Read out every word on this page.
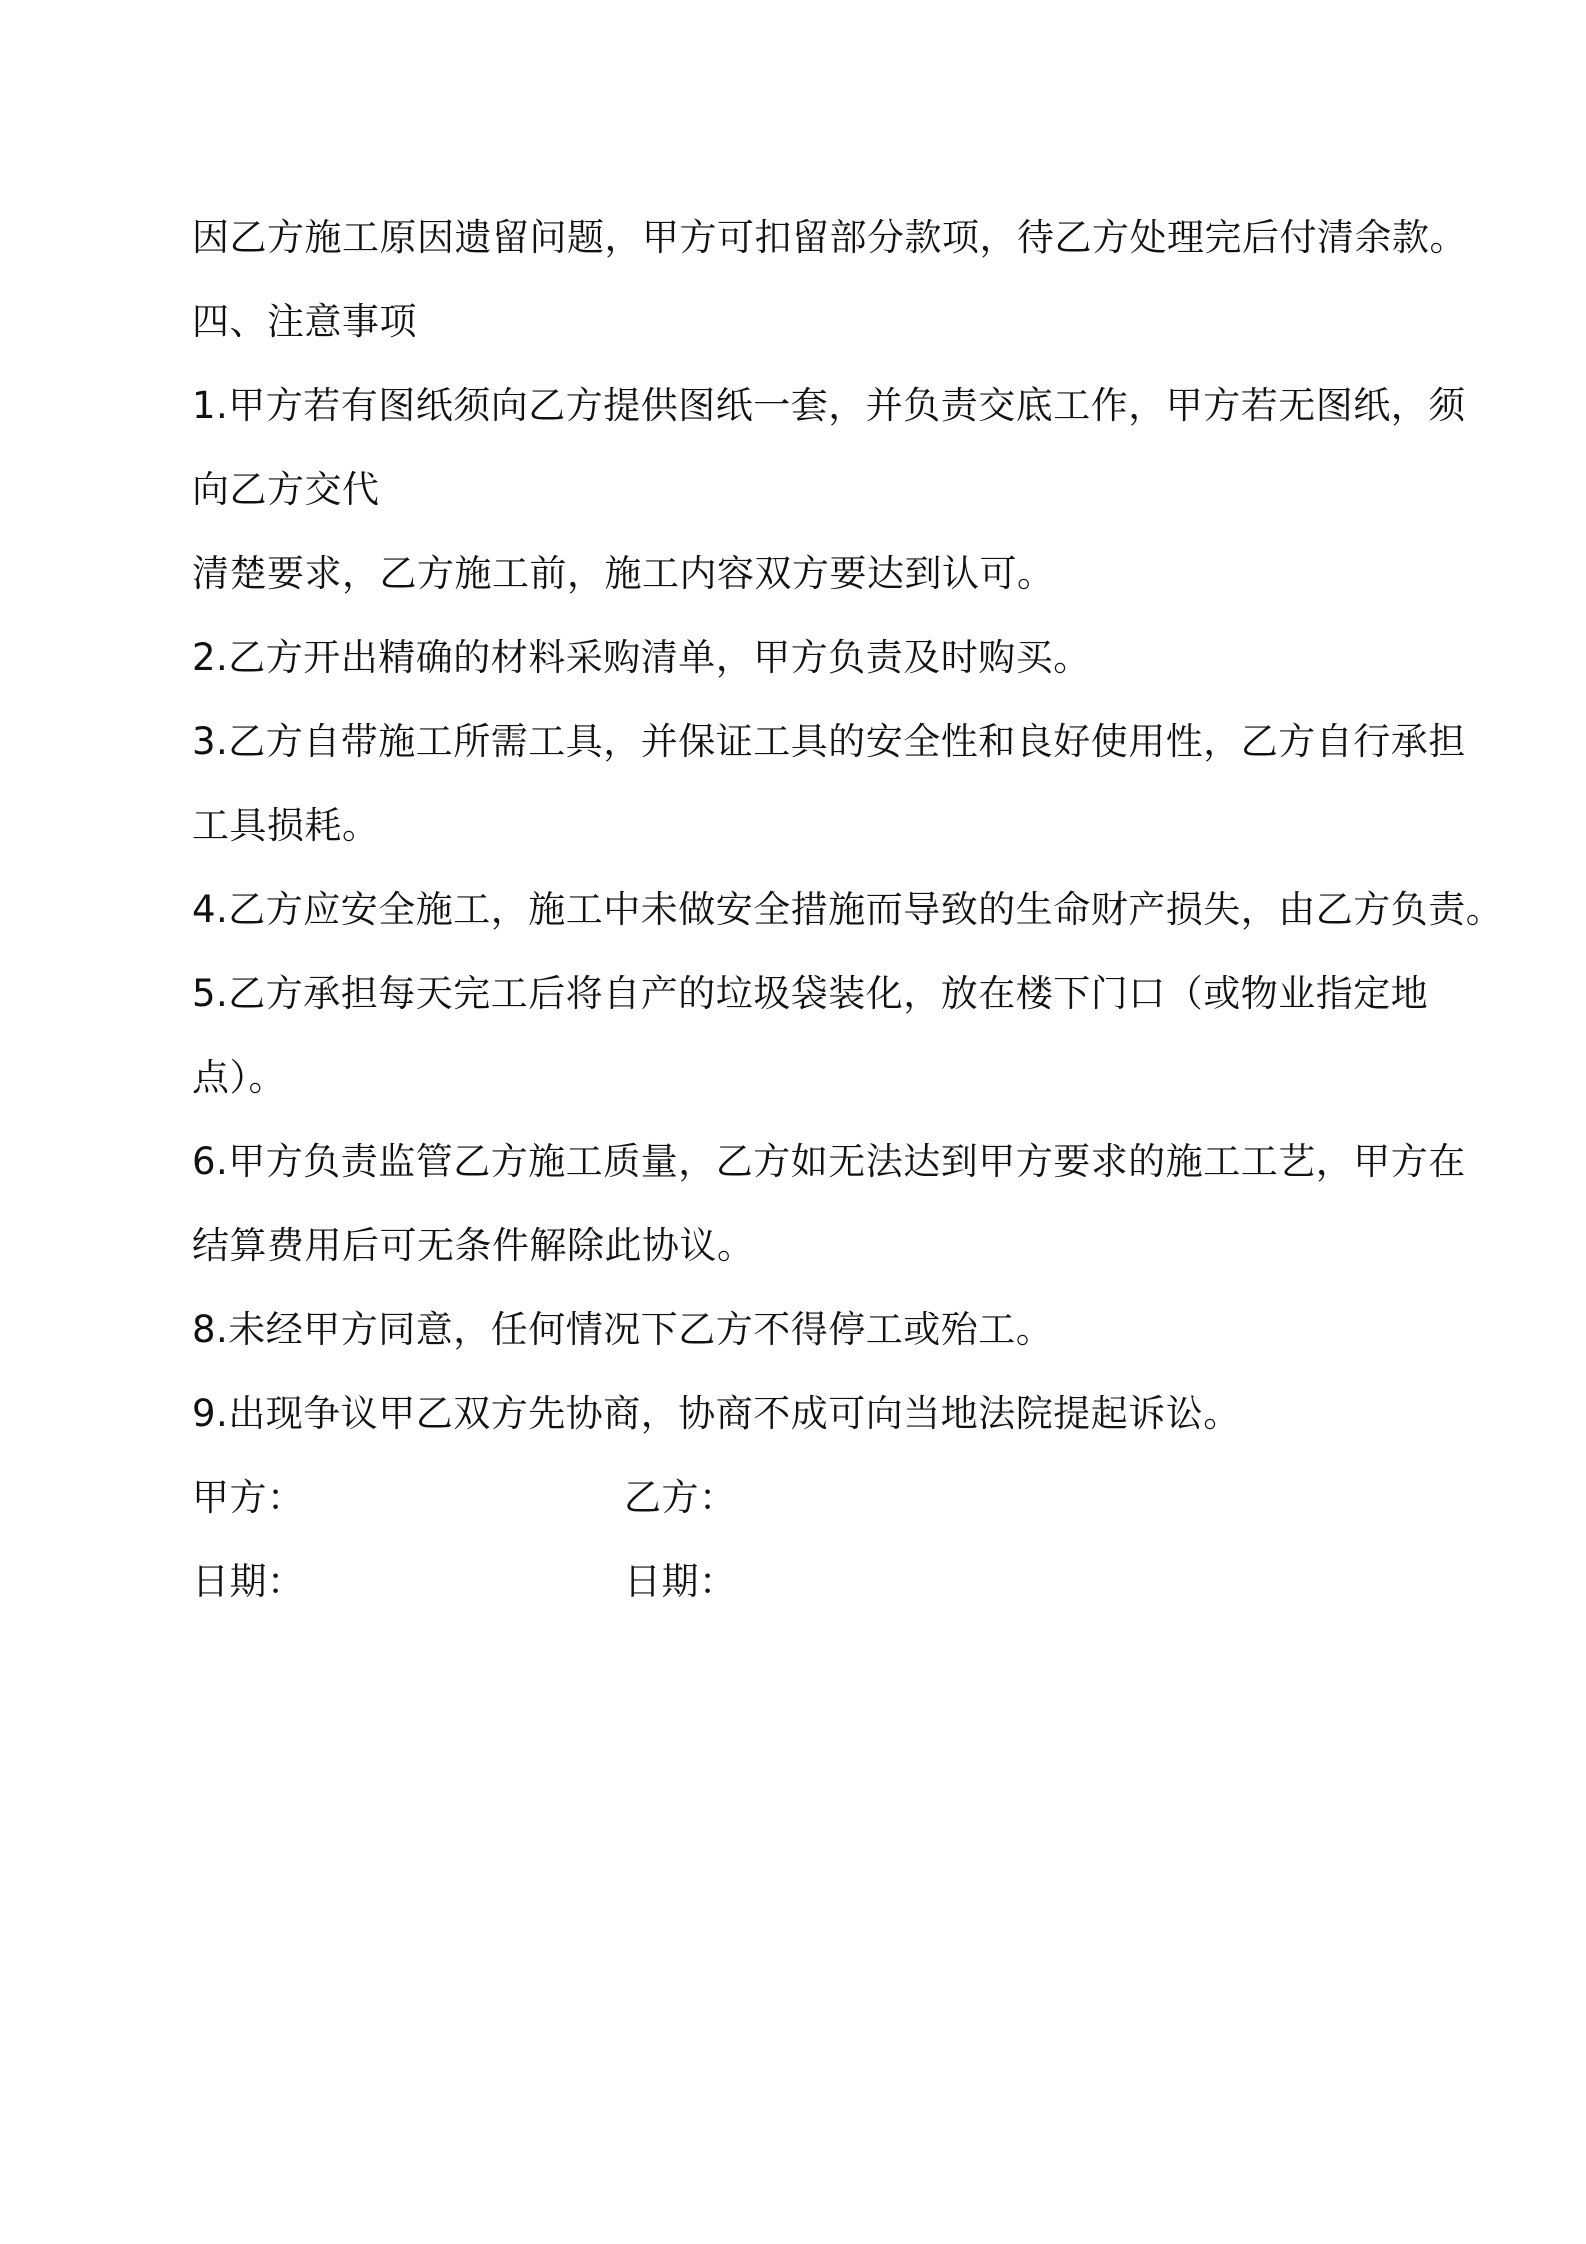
因乙方施工原因遗留问题，甲方可扣留部分款项，待乙方处理完后付清余款。

四、注意事项

1.甲方若有图纸须向乙方提供图纸一套，并负责交底工作，甲方若无图纸，须

向乙方交代

清楚要求，乙方施工前，施工内容双方要达到认可。

2.乙方开出精确的材料采购清单，甲方负责及时购买。

3.乙方自带施工所需工具，并保证工具的安全性和良好使用性，乙方自行承担

工具损耗。

4.乙方应安全施工，施工中未做安全措施而导致的生命财产损失，由乙方负责。

5.乙方承担每天完工后将自产的垃圾袋装化，放在楼下门口（或物业指定地

点）。

6.甲方负责监管乙方施工质量，乙方如无法达到甲方要求的施工工艺，甲方在

结算费用后可无条件解除此协议。

8.未经甲方同意，任何情况下乙方不得停工或殆工。

9.出现争议甲乙双方先协商，协商不成可向当地法院提起诉讼。

甲方：	乙方：
日期：	日期：
